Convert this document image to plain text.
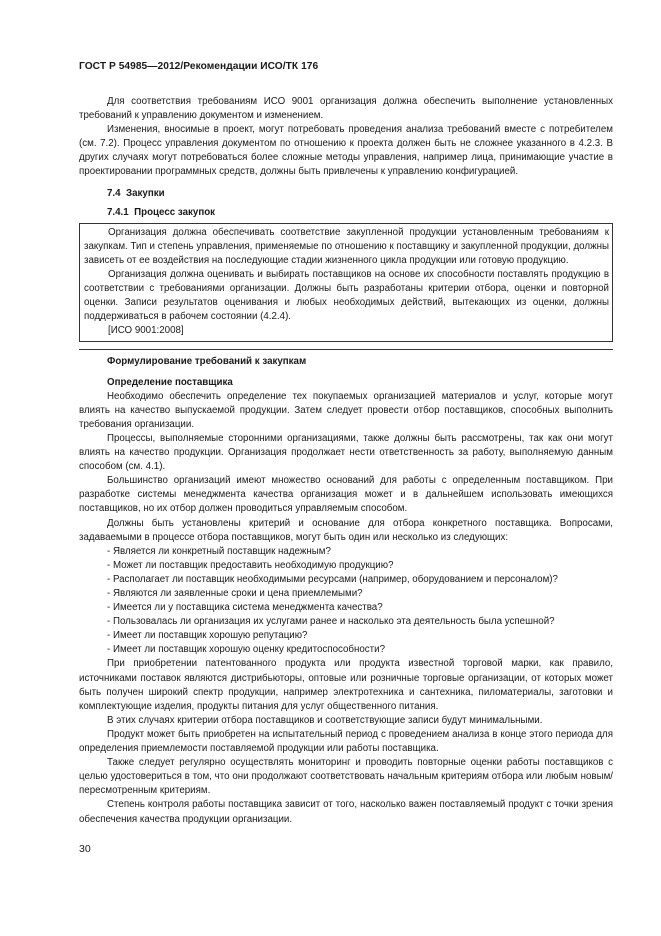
ГОСТ Р 54985—2012/Рекомендации ИСО/ТК 176

Для соответствия требованиям ИСО 9001 организация должна обеспечить выполнение установленных требований к управлению документом и изменением.

Изменения, вносимые в проект, могут потребовать проведения анализа требований вместе с потребителем (см. 7.2). Процесс управления документом по отношению к проекта должен быть не сложнее указанного в 4.2.3. В других случаях могут потребоваться более сложные методы управления, например лица, принимающие участие в проектировании программных средств, должны быть привлечены к управлению конфигурацией.

7.4 Закупки
7.4.1 Процесс закупок

Организация должна обеспечивать соответствие закупленной продукции установленным требованиям к закупкам. Тип и степень управления, применяемые по отношению к поставщику и закупленной продукции, должны зависеть от ее воздействия на последующие стадии жизненного цикла продукции или готовую продукцию.

Организация должна оценивать и выбирать поставщиков на основе их способности поставлять продукцию в соответствии с требованиями организации. Должны быть разработаны критерии отбора, оценки и повторной оценки. Записи результатов оценивания и любых необходимых действий, вытекающих из оценки, должны поддерживаться в рабочем состоянии (4.2.4).

[ИСО 9001:2008]
Формулирование требований к закупкам
Определение поставщика

Необходимо обеспечить определение тех покупаемых организацией материалов и услуг, которые могут влиять на качество выпускаемой продукции. Затем следует провести отбор поставщиков, способных выполнить требования организации.

Процессы, выполняемые сторонними организациями, также должны быть рассмотрены, так как они могут влиять на качество продукции. Организация продолжает нести ответственность за работу, выполняемую данным способом (см. 4.1).

Большинство организаций имеют множество оснований для работы с определенным поставщиком. При разработке системы менеджмента качества организация может и в дальнейшем использовать имеющихся поставщиков, но их отбор должен проводиться управляемым способом.

Должны быть установлены критерий и основание для отбора конкретного поставщика. Вопросами, задаваемыми в процессе отбора поставщиков, могут быть один или несколько из следующих:

- Является ли конкретный поставщик надежным?
- Может ли поставщик предоставить необходимую продукцию?
- Располагает ли поставщик необходимыми ресурсами (например, оборудованием и персоналом)?
- Являются ли заявленные сроки и цена приемлемыми?
- Имеется ли у поставщика система менеджмента качества?
- Пользовалась ли организация их услугами ранее и насколько эта деятельность была успешной?
- Имеет ли поставщик хорошую репутацию?
- Имеет ли поставщик хорошую оценку кредитоспособности?

При приобретении патентованного продукта или продукта известной торговой марки, как правило, источниками поставок являются дистрибьюторы, оптовые или розничные торговые организации, от которых может быть получен широкий спектр продукции, например электротехника и сантехника, пиломатериалы, заготовки и комплектующие изделия, продукты питания для услуг общественного питания.

В этих случаях критерии отбора поставщиков и соответствующие записи будут минимальными.

Продукт может быть приобретен на испытательный период с проведением анализа в конце этого периода для определения приемлемости поставляемой продукции или работы поставщика.

Также следует регулярно осуществлять мониторинг и проводить повторные оценки работы поставщиков с целью удостовериться в том, что они продолжают соответствовать начальным критериям отбора или любым новым/пересмотренным критериям.

Степень контроля работы поставщика зависит от того, насколько важен поставляемый продукт с точки зрения обеспечения качества продукции организации.

30
